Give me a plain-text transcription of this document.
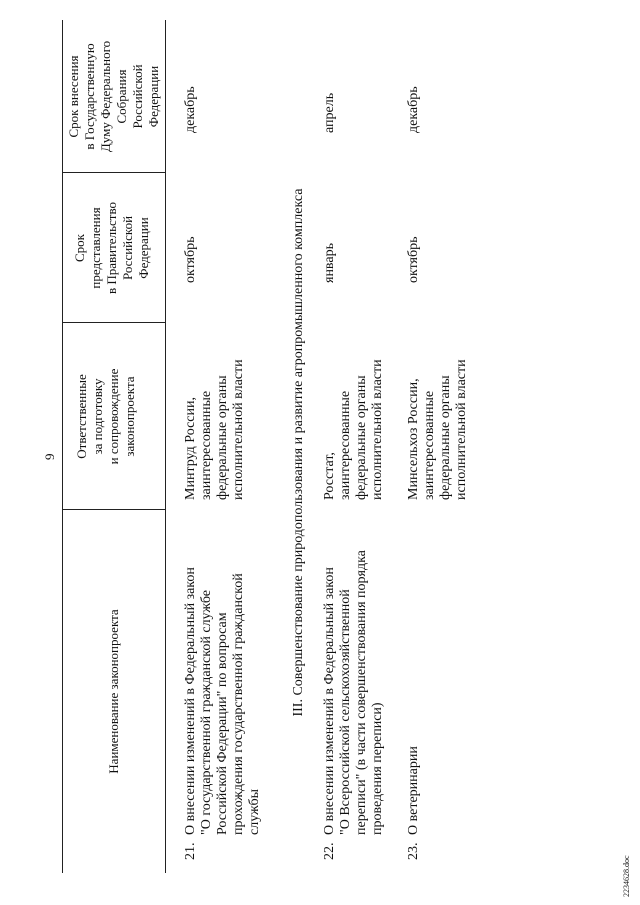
9
Наименование законопроекта
Ответственные
за подготовку
и сопровождение
законопроекта
Срок
представления
в Правительство
Российской
Федерации
Срок внесения
в Государственную
Думу Федерального
Собрания
Российской
Федерации
21.
О внесении изменений в Федеральный закон
"О государственной гражданской службе
Российской Федерации" по вопросам
прохождения государственной гражданской
службы
Минтруд России,
заинтересованные
федеральные органы
исполнительной власти
октябрь
декабрь
III. Совершенствование природопользования и развитие агропромышленного комплекса
22.
О внесении изменений в Федеральный закон
"О Всероссийской сельскохозяйственной
переписи" (в части совершенствования порядка
проведения переписи)
Росстат,
заинтересованные
федеральные органы
исполнительной власти
январь
апрель
23.
О ветеринарии
Минсельхоз России,
заинтересованные
федеральные органы
исполнительной власти
октябрь
декабрь
2234628.doc
